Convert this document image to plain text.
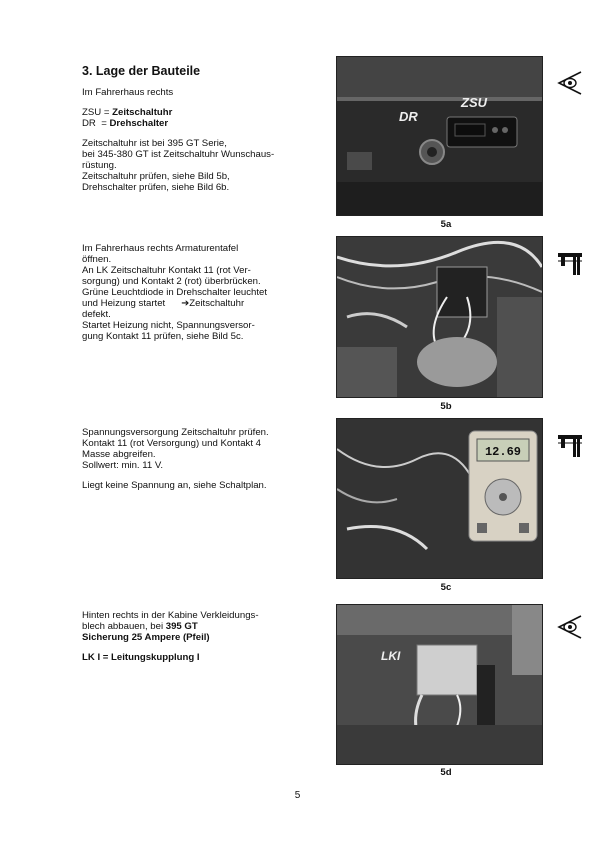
3. Lage der Bauteile

Im Fahrerhaus rechts

ZSU = Zeitschaltuhr

DR  = Drehschalter

Zeitschaltuhr ist bei 395 GT Serie,

bei 345-380 GT ist Zeitschaltuhr Wunschaus-

rüstung.

Zeitschaltuhr prüfen, siehe Bild 5b,

Drehschalter prüfen, siehe Bild 6b.

Im Fahrerhaus rechts Armaturentafel

öffnen.

An LK Zeitschaltuhr Kontakt 11 (rot Ver-

sorgung) und Kontakt 2 (rot) überbrücken.

Grüne Leuchtdiode in Drehschalter leuchtet

und Heizung startet      ➔Zeitschaltuhr

defekt.

Startet Heizung nicht, Spannungsversor-

gung Kontakt 11 prüfen, siehe Bild 5c.

Spannungsversorgung Zeitschaltuhr prüfen.

Kontakt 11 (rot Versorgung) und Kontakt 4

Masse abgreifen.

Sollwert: min. 11 V.

Liegt keine Spannung an, siehe Schaltplan.

Hinten rechts in der Kabine Verkleidungs-

blech abbauen, bei 395 GT

Sicherung 25 Ampere (Pfeil)

LK I = Leitungskupplung I

ZSU
DR
5a
5b
12.69
5c
LKI
5d
5
